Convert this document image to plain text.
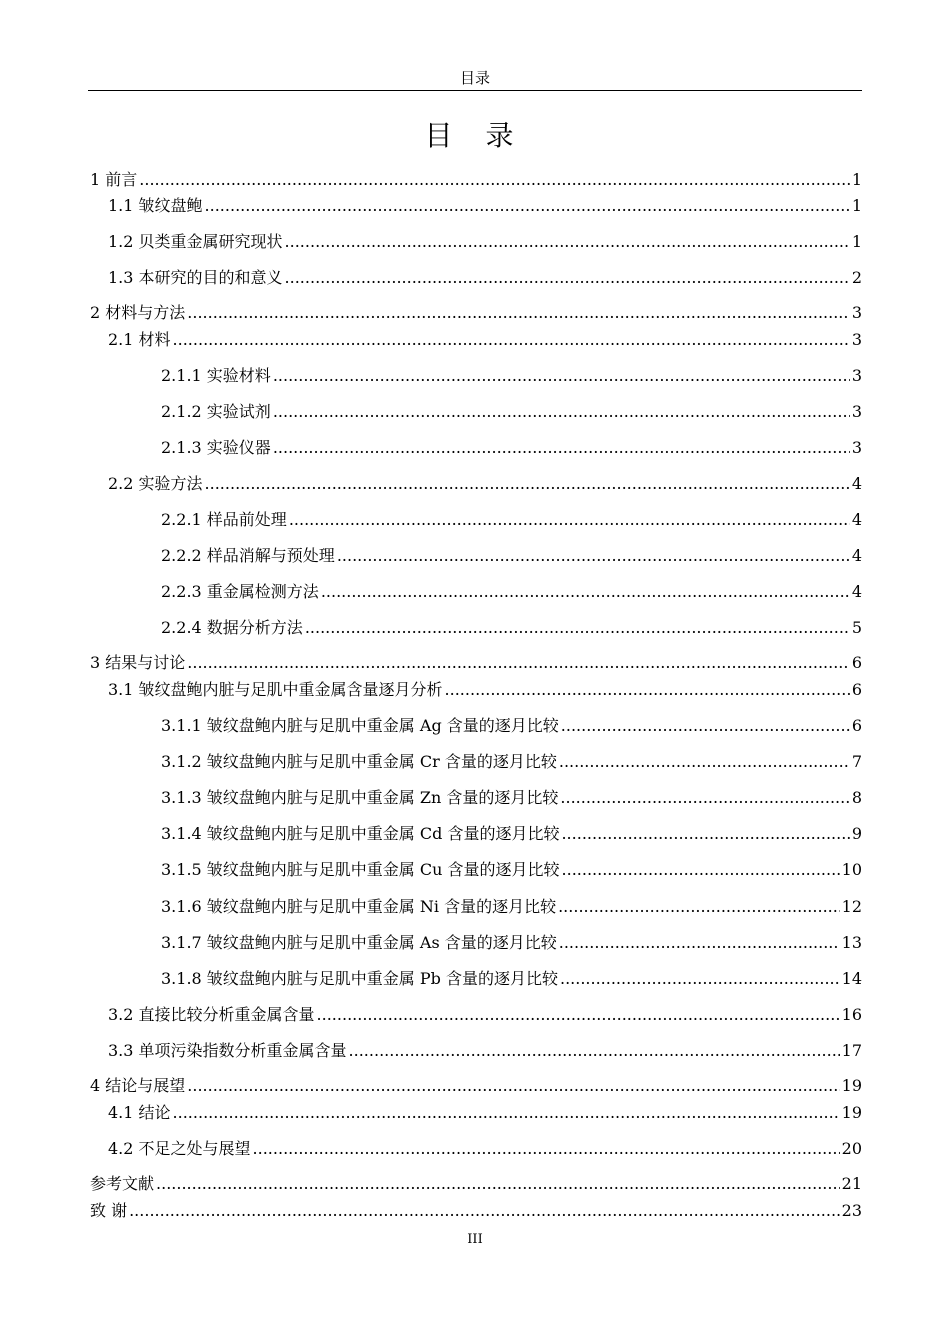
目录
目 录
1 前言 .....	1
1.1 皱纹盘鲍 .....	1
1.2 贝类重金属研究现状 .....	1
1.3 本研究的目的和意义 .....	2
2 材料与方法 .....	3
2.1 材料 .....	3
2.1.1 实验材料 .....	3
2.1.2 实验试剂 .....	3
2.1.3 实验仪器 .....	3
2.2 实验方法 .....	4
2.2.1 样品前处理 .....	4
2.2.2 样品消解与预处理 .....	4
2.2.3 重金属检测方法 .....	4
2.2.4 数据分析方法 .....	5
3 结果与讨论 .....	6
3.1 皱纹盘鲍内脏与足肌中重金属含量逐月分析 .....	6
3.1.1 皱纹盘鲍内脏与足肌中重金属 Ag 含量的逐月比较 .....	6
3.1.2 皱纹盘鲍内脏与足肌中重金属 Cr 含量的逐月比较 .....	7
3.1.3 皱纹盘鲍内脏与足肌中重金属 Zn 含量的逐月比较 .....	8
3.1.4 皱纹盘鲍内脏与足肌中重金属 Cd 含量的逐月比较 .....	9
3.1.5 皱纹盘鲍内脏与足肌中重金属 Cu 含量的逐月比较 .....	10
3.1.6 皱纹盘鲍内脏与足肌中重金属 Ni 含量的逐月比较 .....	12
3.1.7 皱纹盘鲍内脏与足肌中重金属 As 含量的逐月比较 .....	13
3.1.8 皱纹盘鲍内脏与足肌中重金属 Pb 含量的逐月比较 .....	14
3.2 直接比较分析重金属含量 .....	16
3.3 单项污染指数分析重金属含量 .....	17
4 结论与展望 .....	19
4.1 结论 .....	19
4.2 不足之处与展望 .....	20
参考文献 .....	21
致 谢 .....	23
III
